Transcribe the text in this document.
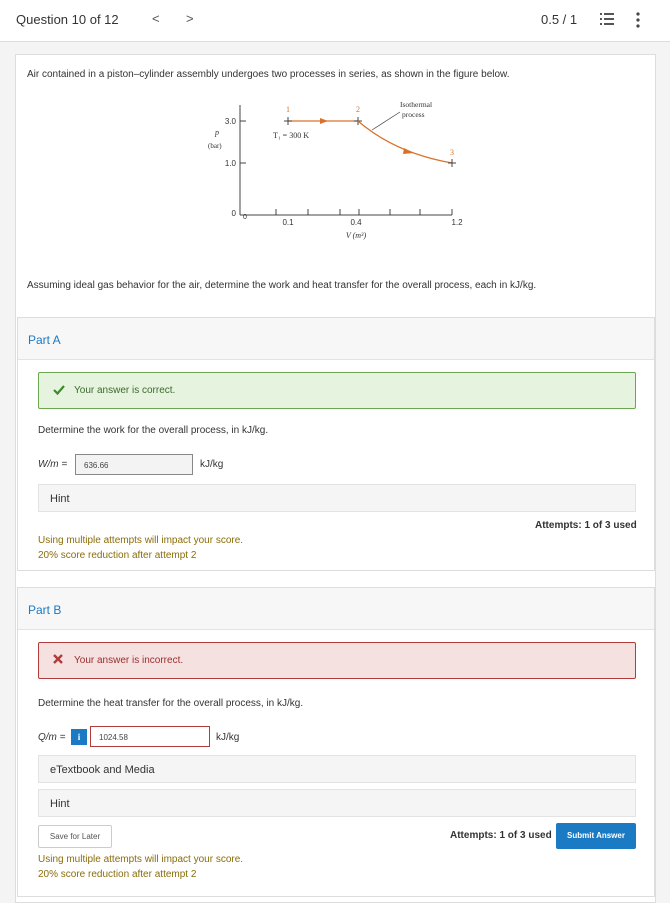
Question 10 of 12	< >	0.5 / 1
Air contained in a piston–cylinder assembly undergoes two processes in series, as shown in the figure below.
3.0
1.0
0
p
(bar)
0
0.1	0.4	1.2
V (m³)
1	2
T₁ = 300 K
3
Isothermal
process
Assuming ideal gas behavior for the air, determine the work and heat transfer for the overall process, each in kJ/kg.
Part A
Your answer is correct.
Determine the work for the overall process, in kJ/kg.
W/m =	636.66	kJ/kg
Hint
Attempts: 1 of 3 used
Using multiple attempts will impact your score.
20% score reduction after attempt 2
Part B
Your answer is incorrect.
Determine the heat transfer for the overall process, in kJ/kg.
Q/m =	i	1024.58	kJ/kg
eTextbook and Media
Hint
Save for Later	Attempts: 1 of 3 used	Submit Answer
Using multiple attempts will impact your score.
20% score reduction after attempt 2
